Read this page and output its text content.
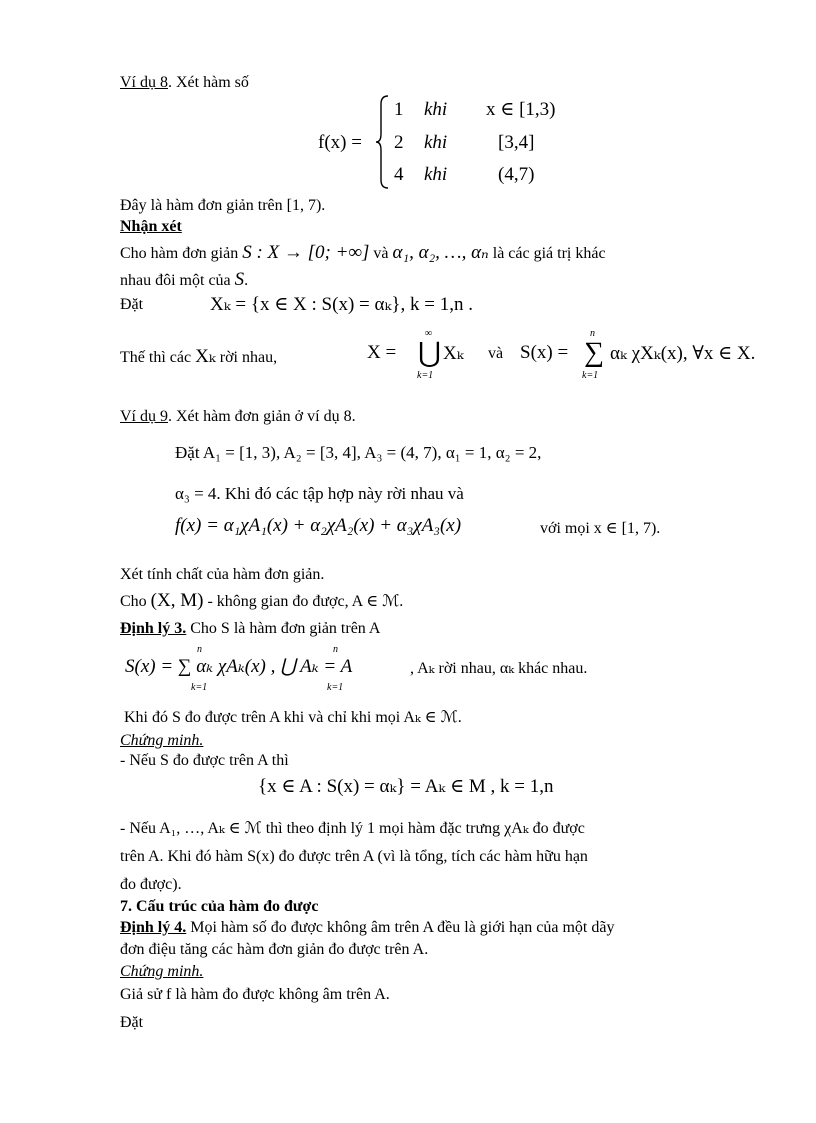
Ví dụ 8. Xét hàm số
f(x) =
1 khi x ∈ [1,3)
2 khi	[3,4]
4 khi	(4,7)
Đây là hàm đơn giản trên [1, 7).
Nhận xét
Cho hàm đơn giản S : X → [0; +∞] và α₁, α₂, …, αₙ là các giá trị khác
nhau đôi một của S.
Đặt	Xₖ = {x ∈ X : S(x) = αₖ}, k = 1,n .
Thế thì các Xₖ rời nhau,	X =
∞
⋃
k=1
Xₖ và S(x) =
n
∑
k=1
αₖ χXₖ(x), ∀x ∈ X.
Ví dụ 9. Xét hàm đơn giản ở ví dụ 8.
Đặt A₁ = [1, 3), A₂ = [3, 4], A₃ = (4, 7), α₁ = 1, α₂ = 2,
α₃ = 4. Khi đó các tập hợp này rời nhau và
f(x) = α₁χA₁(x) + α₂χA₂(x) + α₃χA₃(x)	với mọi x ∈ [1, 7).
Xét tính chất của hàm đơn giản.
Cho (X, M) - không gian đo được, A ∈ ℳ.
Định lý 3. Cho S là hàm đơn giản trên A
S(x) = ∑ αₖ χAₖ(x) , ⋃ Aₖ = A
n
k=1
n
k=1
, Aₖ rời nhau, αₖ khác nhau.
Khi đó S đo được trên A khi và chỉ khi mọi Aₖ ∈ ℳ.
Chứng minh.
- Nếu S đo được trên A thì
{x ∈ A : S(x) = αₖ} = Aₖ ∈ M , k = 1,n
- Nếu A₁, …, Aₖ ∈ ℳ thì theo định lý 1 mọi hàm đặc trưng χAₖ đo được
trên A. Khi đó hàm S(x) đo được trên A (vì là tổng, tích các hàm hữu hạn
đo được).
7. Cấu trúc của hàm đo được
Định lý 4. Mọi hàm số đo được không âm trên A đều là giới hạn của một dãy
đơn điệu tăng các hàm đơn giản đo được trên A.
Chứng minh.
Giả sử f là hàm đo được không âm trên A.
Đặt
